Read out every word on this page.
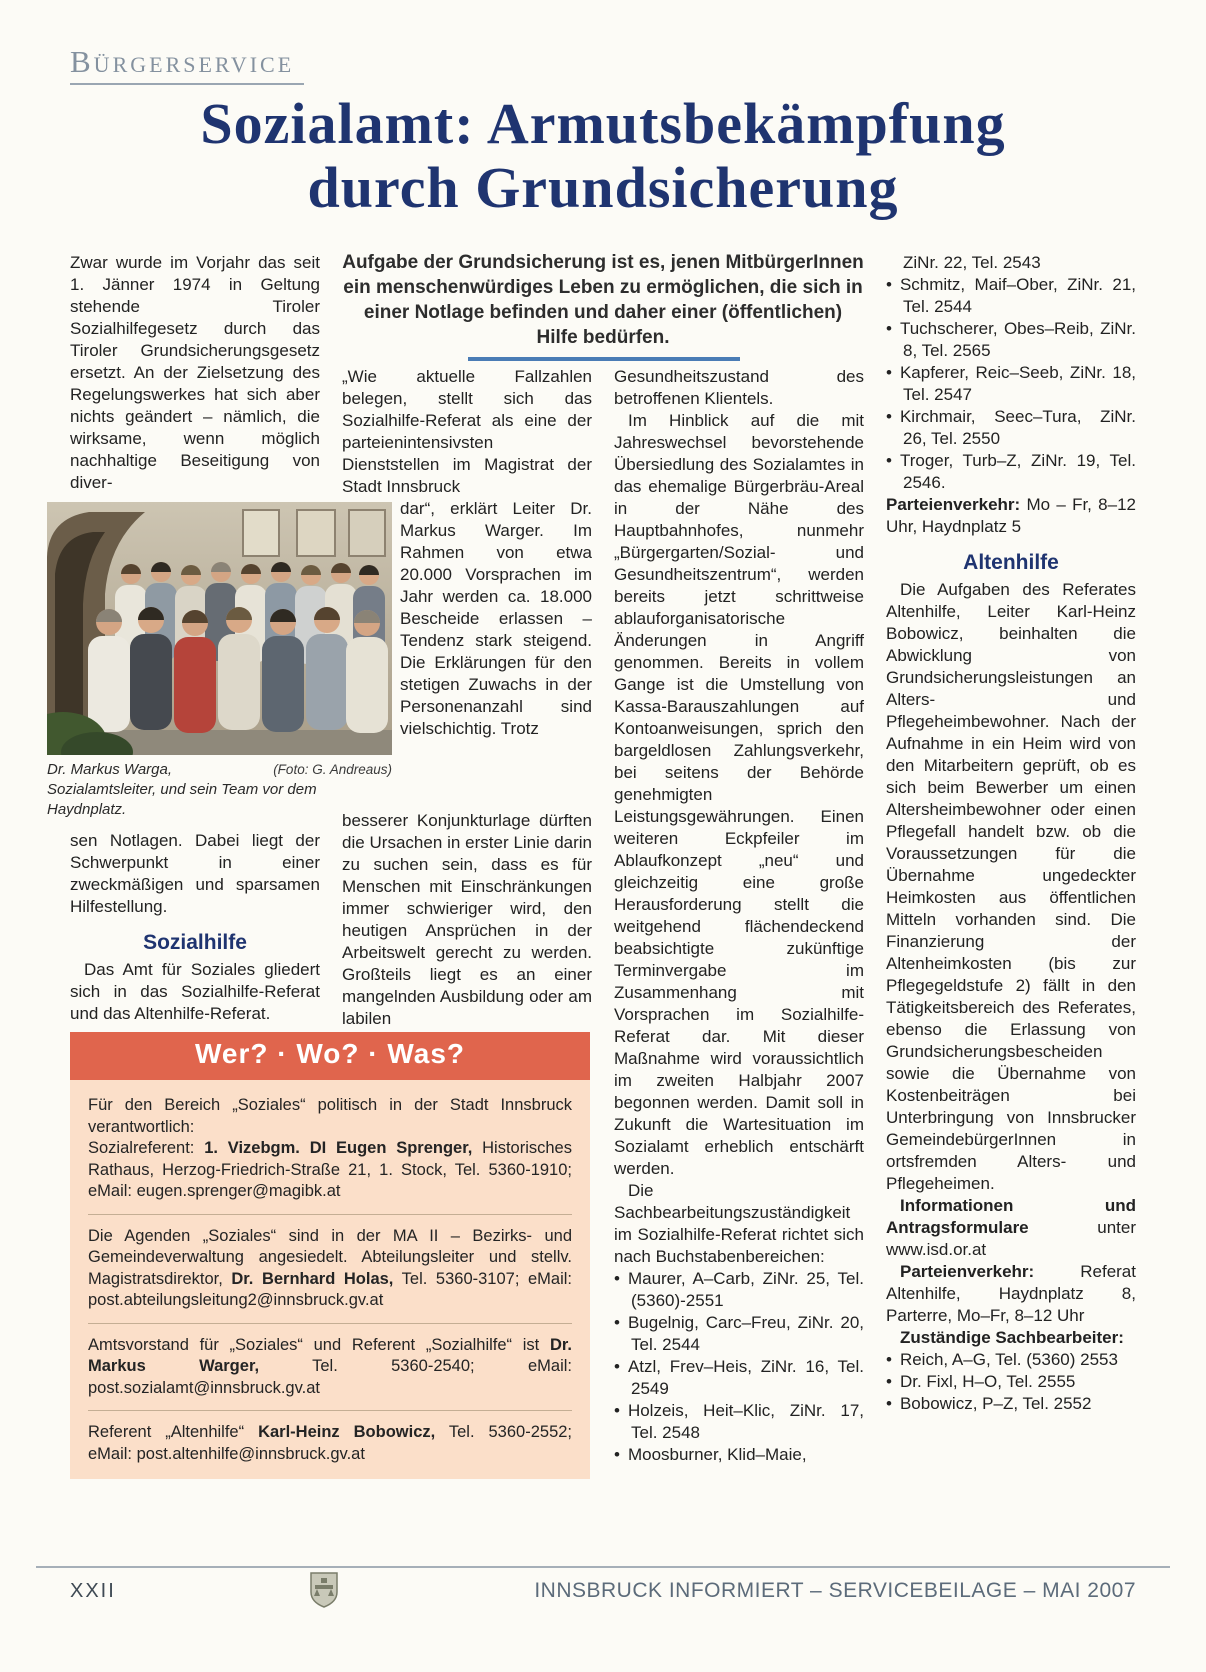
Bürgerservice
Sozialamt: Armutsbekämpfung
durch Grundsicherung
Aufgabe der Grundsicherung ist es, jenen MitbürgerInnen ein menschenwürdiges Leben zu ermöglichen, die sich in einer Notlage befinden und daher einer (öffentlichen) Hilfe bedürfen.

Zwar wurde im Vorjahr das seit 1. Jänner 1974 in Geltung stehende Tiroler Sozialhilfegesetz durch das Tiroler Grundsicherungsgesetz ersetzt. An der Zielsetzung des Regelungswerkes hat sich aber nichts geändert – nämlich, die wirksame, wenn möglich nachhaltige Beseitigung von diver-

(Foto: G. Andreaus)
Dr. Markus Warga, Sozialamtsleiter, und sein Team vor dem Haydnplatz.

sen Notlagen. Dabei liegt der Schwerpunkt in einer zweckmäßigen und sparsamen Hilfestellung.

Sozialhilfe

Das Amt für Soziales gliedert sich in das Sozialhilfe-Referat und das Altenhilfe-Referat.

„Wie aktuelle Fallzahlen belegen, stellt sich das Sozialhilfe-Referat als eine der parteienintensivsten Dienststellen im Magistrat der Stadt Innsbruck

dar“, erklärt Leiter Dr. Markus Warger. Im Rahmen von etwa 20.000 Vorsprachen im Jahr werden ca. 18.000 Bescheide erlassen – Tendenz stark steigend. Die Erklärungen für den stetigen Zuwachs in der Personenanzahl sind vielschichtig. Trotz

besserer Konjunkturlage dürften die Ursachen in erster Linie darin zu suchen sein, dass es für Menschen mit Einschränkungen immer schwieriger wird, den heutigen Ansprüchen in der Arbeitswelt gerecht zu werden. Großteils liegt es an einer mangelnden Ausbildung oder am labilen

Gesundheitszustand des betroffenen Klientels.

Im Hinblick auf die mit Jahreswechsel bevorstehende Übersiedlung des Sozialamtes in das ehemalige Bürgerbräu-Areal in der Nähe des Hauptbahnhofes, nunmehr „Bürgergarten/Sozial- und Gesundheitszentrum“, werden bereits jetzt schrittweise ablauforganisatorische Änderungen in Angriff genommen. Bereits in vollem Gange ist die Umstellung von Kassa-Barauszahlungen auf Kontoanweisungen, sprich den bargeldlosen Zahlungsverkehr, bei seitens der Behörde genehmigten Leistungsgewährungen. Einen weiteren Eckpfeiler im Ablaufkonzept „neu“ und gleichzeitig eine große Herausforderung stellt die weitgehend flächendeckend beabsichtigte zukünftige Terminvergabe im Zusammenhang mit Vorsprachen im Sozialhilfe-Referat dar. Mit dieser Maßnahme wird voraussichtlich im zweiten Halbjahr 2007 begonnen werden. Damit soll in Zukunft die Wartesituation im Sozialamt erheblich entschärft werden.

Die Sachbearbeitungszuständigkeit im Sozialhilfe-Referat richtet sich nach Buchstabenbereichen:

• Maurer, A–Carb, ZiNr. 25, Tel. (5360)-2551
• Bugelnig, Carc–Freu, ZiNr. 20, Tel. 2544
• Atzl, Frev–Heis, ZiNr. 16, Tel. 2549
• Holzeis, Heit–Klic, ZiNr. 17, Tel. 2548
• Moosburner, Klid–Maie,

ZiNr. 22, Tel. 2543

• Schmitz, Maif–Ober, ZiNr. 21, Tel. 2544
• Tuchscherer, Obes–Reib, ZiNr. 8, Tel. 2565
• Kapferer, Reic–Seeb, ZiNr. 18, Tel. 2547
• Kirchmair, Seec–Tura, ZiNr. 26, Tel. 2550
• Troger, Turb–Z, ZiNr. 19, Tel. 2546.

Parteienverkehr: Mo – Fr, 8–12 Uhr, Haydnplatz 5

Altenhilfe

Die Aufgaben des Referates Altenhilfe, Leiter Karl-Heinz Bobowicz, beinhalten die Abwicklung von Grundsicherungsleistungen an Alters- und Pflegeheimbewohner. Nach der Aufnahme in ein Heim wird von den Mitarbeitern geprüft, ob es sich beim Bewerber um einen Altersheimbewohner oder einen Pflegefall handelt bzw. ob die Voraussetzungen für die Übernahme ungedeckter Heimkosten aus öffentlichen Mitteln vorhanden sind. Die Finanzierung der Altenheimkosten (bis zur Pflegegeldstufe 2) fällt in den Tätigkeitsbereich des Referates, ebenso die Erlassung von Grundsicherungsbescheiden sowie die Übernahme von Kostenbeiträgen bei Unterbringung von Innsbrucker GemeindebürgerInnen in ortsfremden Alters- und Pflegeheimen.

Informationen und Antragsformulare unter www.isd.or.at

Parteienverkehr: Referat Altenhilfe, Haydnplatz 8, Parterre, Mo–Fr, 8–12 Uhr

Zuständige Sachbearbeiter:

• Reich, A–G, Tel. (5360) 2553
• Dr. Fixl, H–O, Tel. 2555
• Bobowicz, P–Z, Tel. 2552
Wer? · Wo? · Was?

Für den Bereich „Soziales“ politisch in der Stadt Innsbruck verantwortlich:
Sozialreferent: 1. Vizebgm. DI Eugen Sprenger, Historisches Rathaus, Herzog-Friedrich-Straße 21, 1. Stock, Tel. 5360-1910; eMail: eugen.sprenger@magibk.at

Die Agenden „Soziales“ sind in der MA II – Bezirks- und Gemeindeverwaltung angesiedelt. Abteilungsleiter und stellv. Magistratsdirektor, Dr. Bernhard Holas, Tel. 5360-3107; eMail: post.abteilungsleitung2@innsbruck.gv.at

Amtsvorstand für „Soziales“ und Referent „Sozialhilfe“ ist Dr. Markus Warger, Tel. 5360-2540; eMail: post.sozialamt@innsbruck.gv.at

Referent „Altenhilfe“ Karl-Heinz Bobowicz, Tel. 5360-2552; eMail: post.altenhilfe@innsbruck.gv.at

XXII	INNSBRUCK INFORMIERT – SERVICEBEILAGE – MAI 2007
